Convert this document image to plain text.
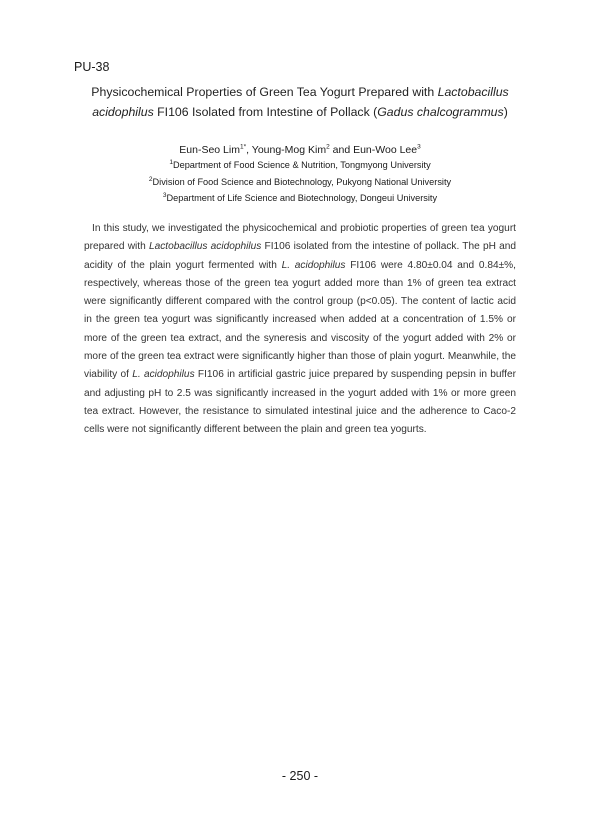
PU-38
Physicochemical Properties of Green Tea Yogurt Prepared with Lactobacillus acidophilus FI106 Isolated from Intestine of Pollack (Gadus chalcogrammus)
Eun-Seo Lim$^{1*}$, Young-Mog Kim$^2$ and Eun-Woo Lee$^3$
$^1$Department of Food Science & Nutrition, Tongmyong University
$^2$Division of Food Science and Biotechnology, Pukyong National University
$^3$Department of Life Science and Biotechnology, Dongeui University

In this study, we investigated the physicochemical and probiotic properties of green tea yogurt prepared with Lactobacillus acidophilus FI106 isolated from the intestine of pollack. The pH and acidity of the plain yogurt fermented with L. acidophilus FI106 were 4.80±0.04 and 0.84±%, respectively, whereas those of the green tea yogurt added more than 1% of green tea extract were significantly different compared with the control group (p<0.05). The content of lactic acid in the green tea yogurt was significantly increased when added at a concentration of 1.5% or more of the green tea extract, and the syneresis and viscosity of the yogurt added with 2% or more of the green tea extract were significantly higher than those of plain yogurt. Meanwhile, the viability of L. acidophilus FI106 in artificial gastric juice prepared by suspending pepsin in buffer and adjusting pH to 2.5 was significantly increased in the yogurt added with 1% or more green tea extract. However, the resistance to simulated intestinal juice and the adherence to Caco-2 cells were not significantly different between the plain and green tea yogurts.

- 250 -
